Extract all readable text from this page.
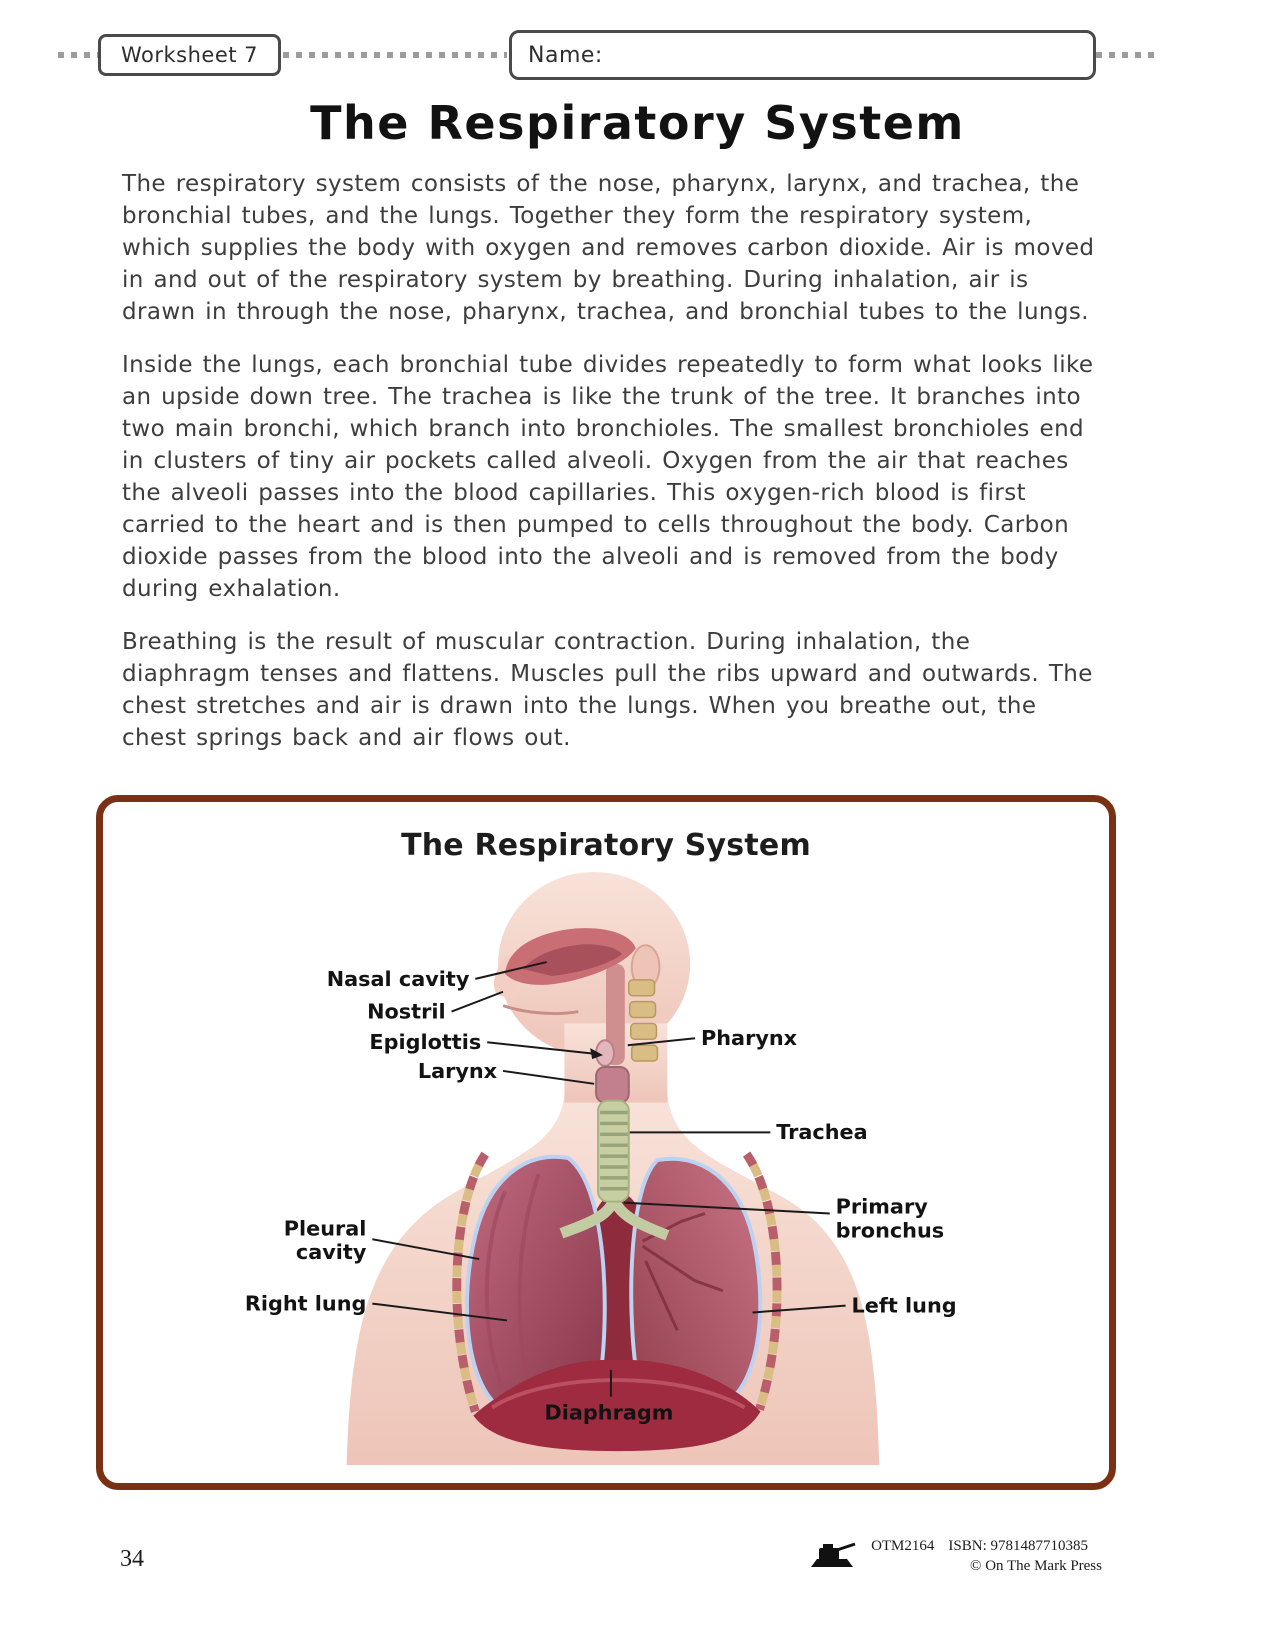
Worksheet 7	Name:
The Respiratory System

The respiratory system consists of the nose, pharynx, larynx, and trachea, the bronchial tubes, and the lungs. Together they form the respiratory system, which supplies the body with oxygen and removes carbon dioxide. Air is moved in and out of the respiratory system by breathing. During inhalation, air is drawn in through the nose, pharynx, trachea, and bronchial tubes to the lungs.

Inside the lungs, each bronchial tube divides repeatedly to form what looks like an upside down tree. The trachea is like the trunk of the tree. It branches into two main bronchi, which branch into bronchioles. The smallest bronchioles end in clusters of tiny air pockets called alveoli. Oxygen from the air that reaches the alveoli passes into the blood capillaries. This oxygen-rich blood is first carried to the heart and is then pumped to cells throughout the body. Carbon dioxide passes from the blood into the alveoli and is removed from the body during exhalation.

Breathing is the result of muscular contraction. During inhalation, the diaphragm tenses and flattens. Muscles pull the ribs upward and outwards. The chest stretches and air is drawn into the lungs. When you breathe out, the chest springs back and air flows out.

The Respiratory System
Nasal cavity
Nostril
Epiglottis
Larynx
Pharynx
Trachea
Primary
bronchus
Pleural
cavity
Right lung	Left lung
Diaphragm
34	OTM2164 ISBN: 9781487710385
© On The Mark Press
